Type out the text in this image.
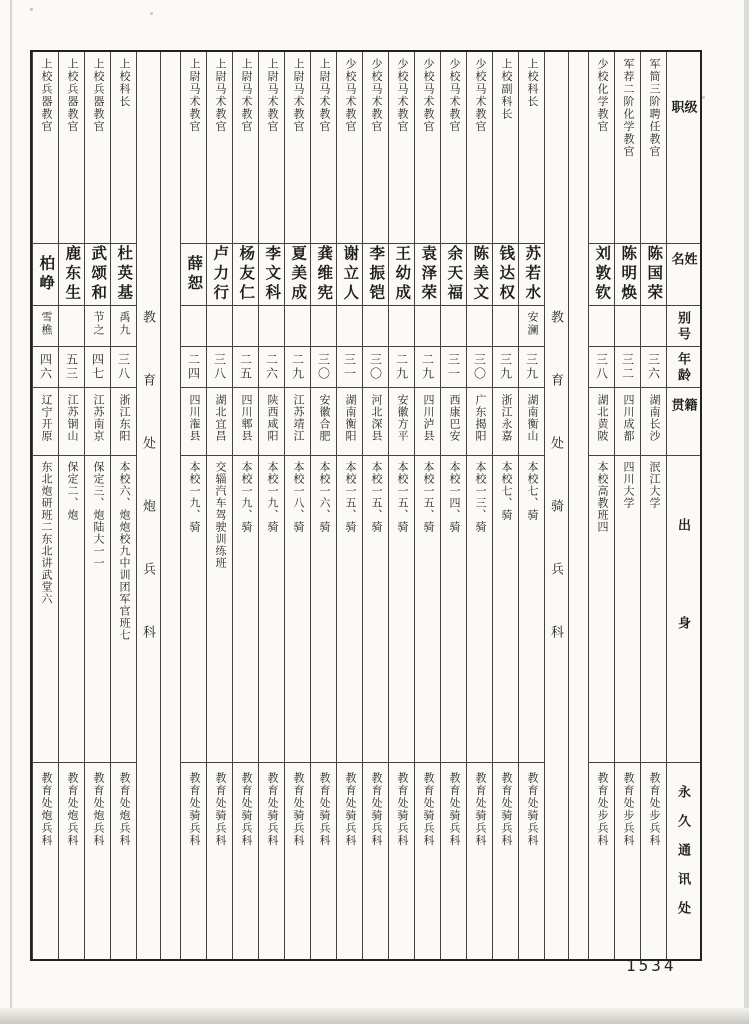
级职
姓名
别号
年龄
籍贯
出身
永久通讯处
军简三阶聘任教官
陈国荣
三六
湖南长沙
泯江大学
教育处步兵科
军荐二阶化学教官
陈明焕
三二
四川成都
四川大学
教育处步兵科
少校化学教官
刘敦钦
三八
湖北黄陂
本校高教班四
教育处步兵科
教育处骑兵科
上校科长
苏若水
安澜
三九
湖南衡山
本校七、骑
教育处骑兵科
上校副科长
钱达权
三九
浙江永嘉
本校七、骑
教育处骑兵科
少校马术教官
陈美文
三〇
广东揭阳
本校一三、骑
教育处骑兵科
少校马术教官
余天福
三一
西康巴安
本校一四、骑
教育处骑兵科
少校马术教官
袁泽荣
二九
四川泸县
本校一五、骑
教育处骑兵科
少校马术教官
王幼成
二九
安徽方平
本校一五、骑
教育处骑兵科
少校马术教官
李振铠
三〇
河北深县
本校一五、骑
教育处骑兵科
少校马术教官
谢立人
三一
湖南衡阳
本校一五、骑
教育处骑兵科
上尉马术教官
龚维宪
三〇
安徽合肥
本校一六、骑
教育处骑兵科
上尉马术教官
夏美成
二九
江苏靖江
本校一八、骑
教育处骑兵科
上尉马术教官
李文科
二六
陕西咸阳
本校一九、骑
教育处骑兵科
上尉马术教官
杨友仁
二五
四川郫县
本校一九、骑
教育处骑兵科
上尉马术教官
卢力行
三八
湖北宜昌
交辎汽车驾驶训练班
教育处骑兵科
上尉马术教官
薛恕
二四
四川潅县
本校一九、骑
教育处骑兵科
教育处炮兵科
上校科长
杜英基
禹九
三八
浙江东阳
本校六、炮炮校九中训团军官班七
教育处炮兵科
上校兵器教官
武颂和
节之
四七
江苏南京
保定三、炮陆大一一
教育处炮兵科
上校兵器教官
鹿东生
五三
江苏铜山
保定二、炮
教育处炮兵科
上校兵器教官
柏峥
雪樵
四六
辽宁开原
东北炮研班二东北讲武堂六
教育处炮兵科
1534
